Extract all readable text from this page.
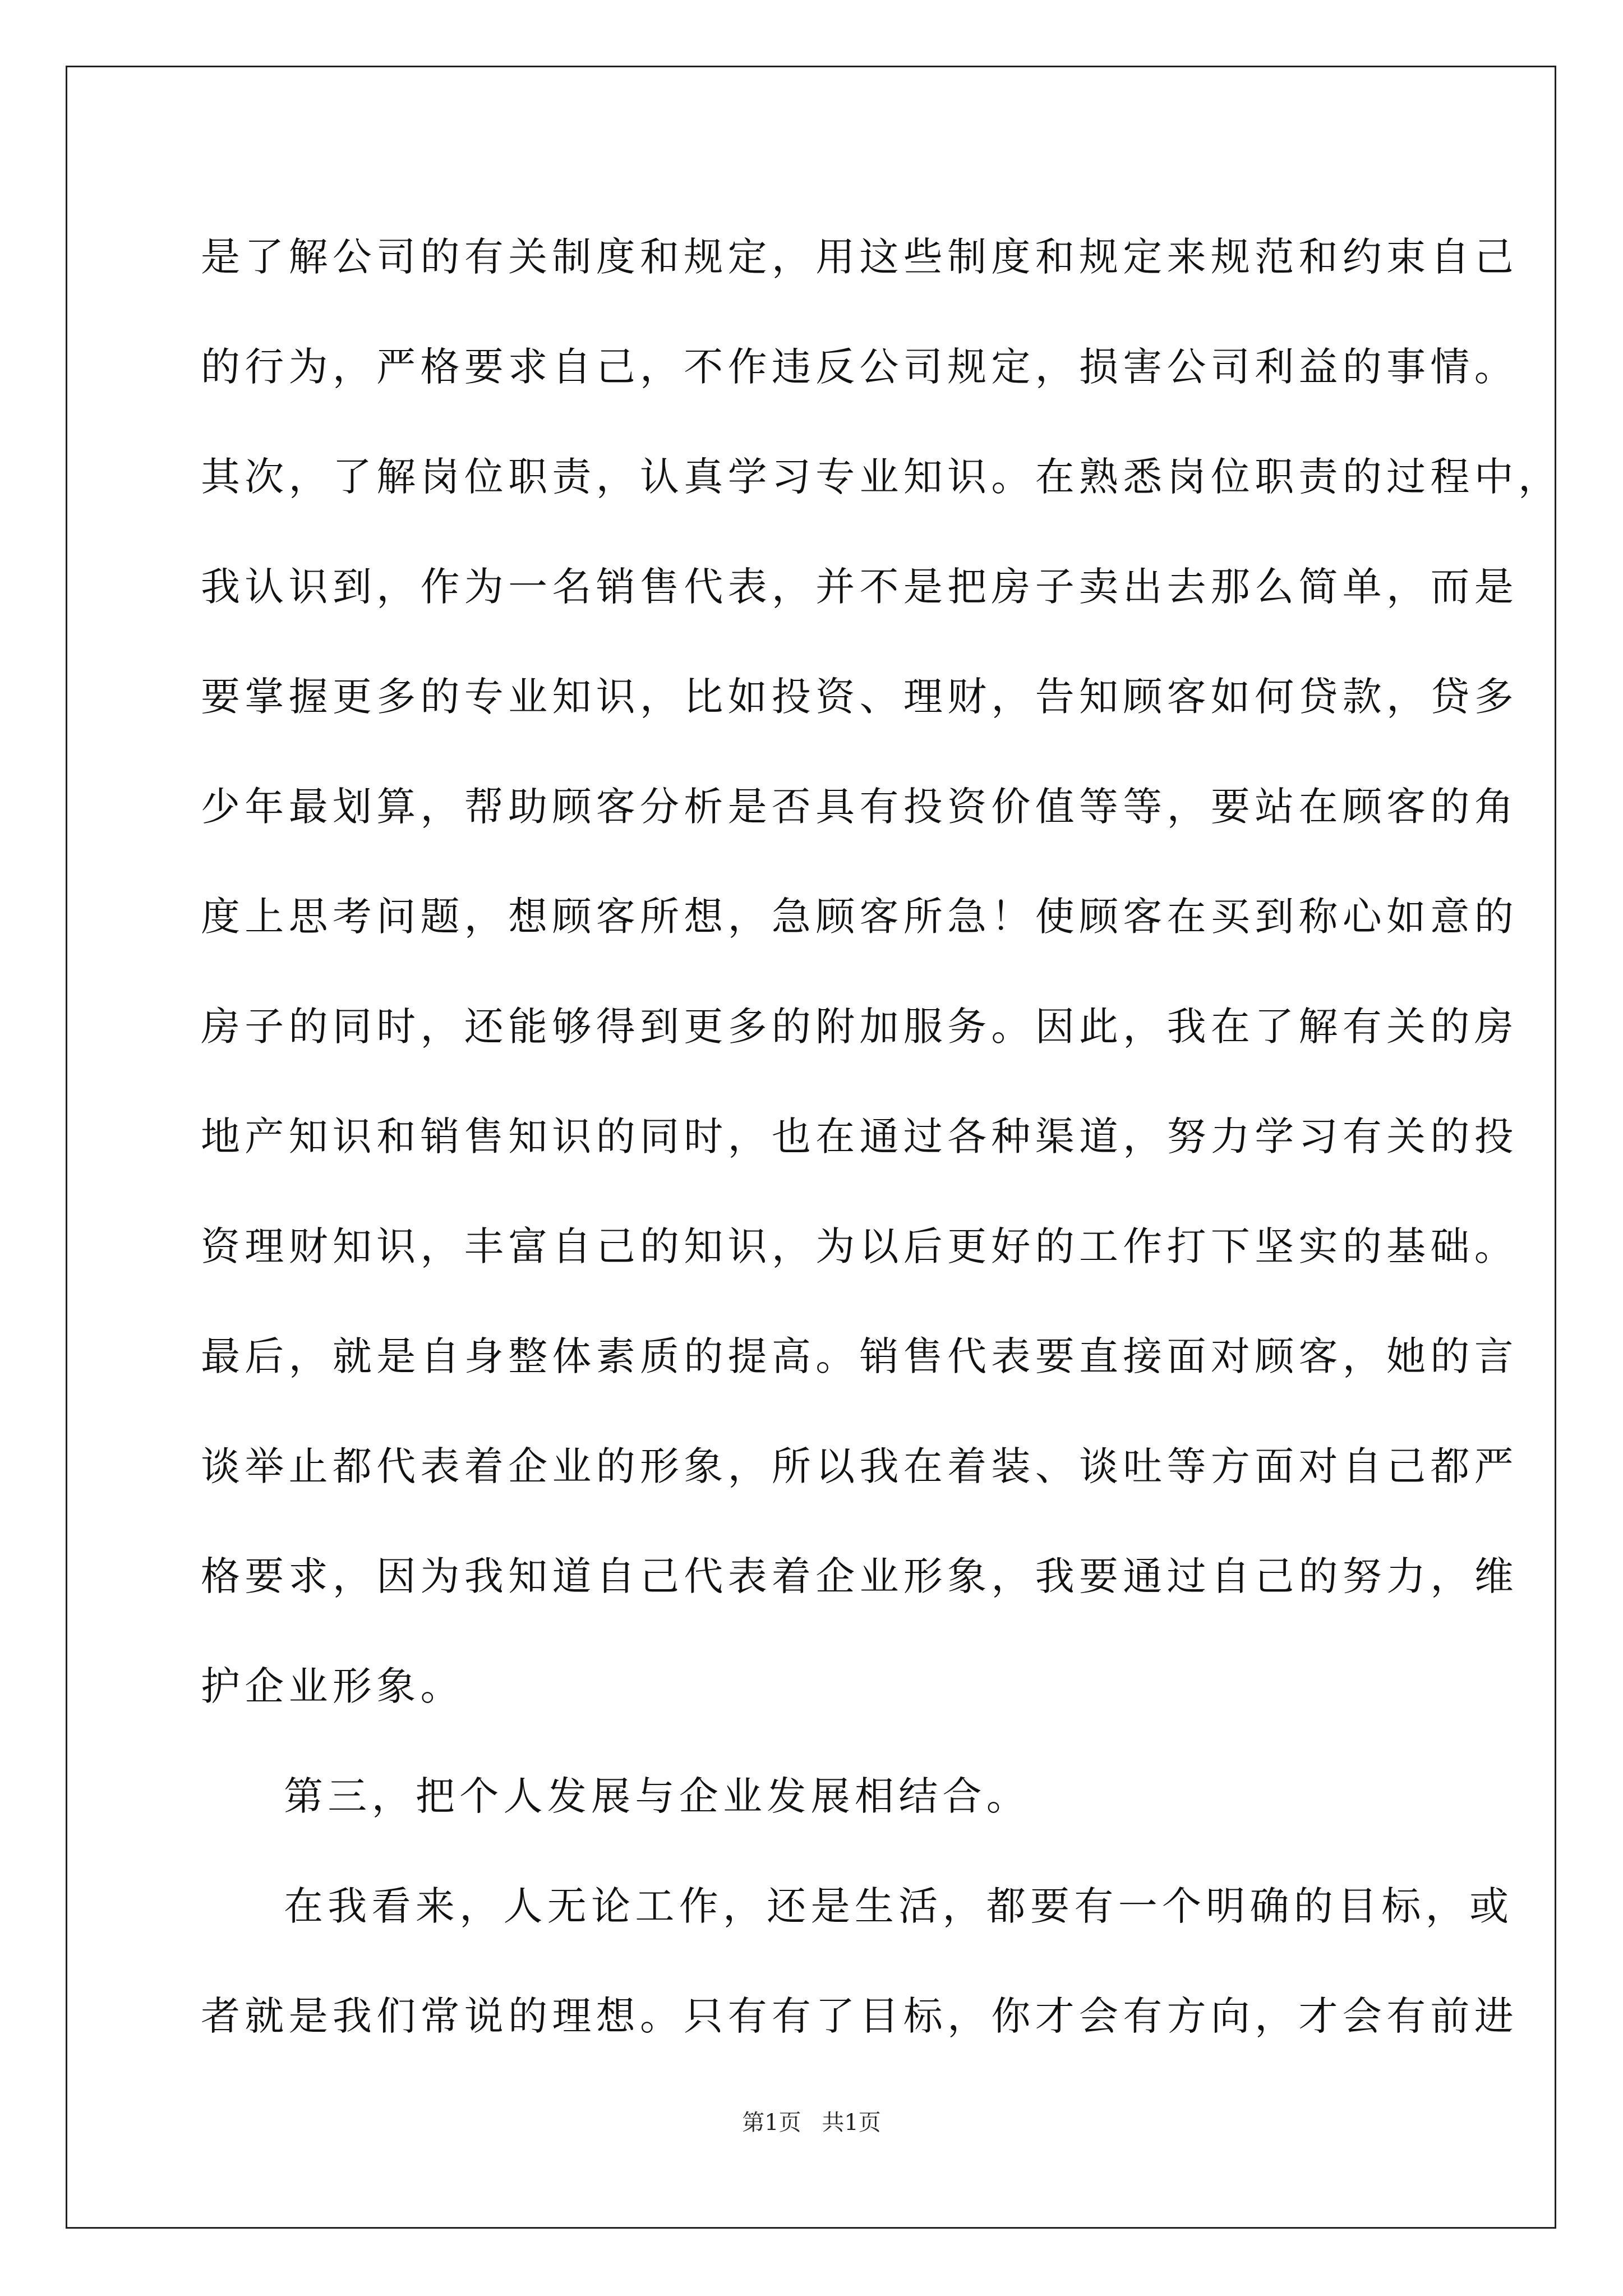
是了解公司的有关制度和规定，用这些制度和规定来规范和约束自己
的行为，严格要求自己，不作违反公司规定，损害公司利益的事情。
其次，了解岗位职责，认真学习专业知识。在熟悉岗位职责的过程中，
我认识到，作为一名销售代表，并不是把房子卖出去那么简单，而是
要掌握更多的专业知识，比如投资、理财，告知顾客如何贷款，贷多
少年最划算，帮助顾客分析是否具有投资价值等等，要站在顾客的角
度上思考问题，想顾客所想，急顾客所急！使顾客在买到称心如意的
房子的同时，还能够得到更多的附加服务。因此，我在了解有关的房
地产知识和销售知识的同时，也在通过各种渠道，努力学习有关的投
资理财知识，丰富自己的知识，为以后更好的工作打下坚实的基础。
最后，就是自身整体素质的提高。销售代表要直接面对顾客，她的言
谈举止都代表着企业的形象，所以我在着装、谈吐等方面对自己都严
格要求，因为我知道自己代表着企业形象，我要通过自己的努力，维
护企业形象。
第三，把个人发展与企业发展相结合。
在我看来，人无论工作，还是生活，都要有一个明确的目标，或
者就是我们常说的理想。只有有了目标，你才会有方向，才会有前进
第1页 共1页
